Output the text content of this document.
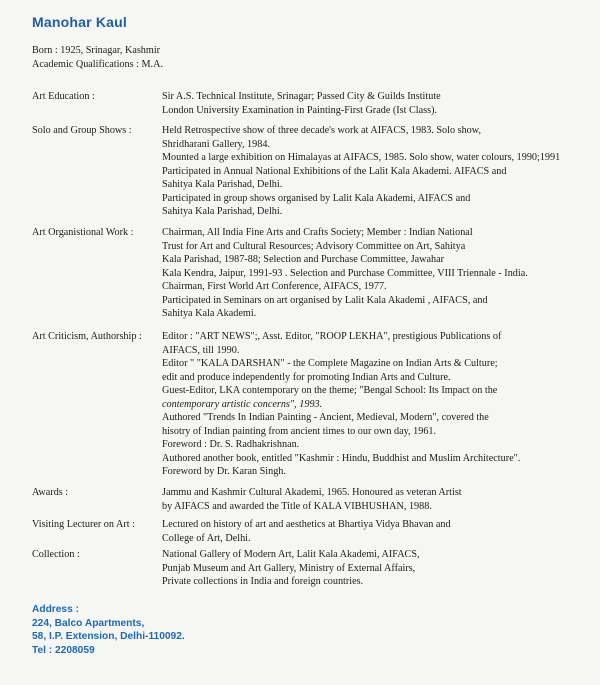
Manohar Kaul
Born : 1925, Srinagar, Kashmir
Academic Qualifications : M.A.
Art Education :	Sir A.S. Technical Institute, Srinagar; Passed City & Guilds Institute
London University Examination in Painting-First Grade (Ist Class).
Solo and Group Shows :	Held Retrospective show of three decade's work at AIFACS, 1983. Solo show,
Shridharani Gallery, 1984.
Mounted a large exhibition on Himalayas at AIFACS, 1985. Solo show, water colours, 1990;1991
Participated in Annual National Exhibitions of the Lalit Kala Akademi. AIFACS and
Sahitya Kala Parishad, Delhi.
Participated in group shows organised by Lalit Kala Akademi, AIFACS and
Sahitya Kala Parishad, Delhi.
Art Organistional Work :	Chairman, All India Fine Arts and Crafts Society; Member : Indian National
Trust for Art and Cultural Resources; Advisory Committee on Art, Sahitya
Kala Parishad, 1987-88; Selection and Purchase Committee, Jawahar
Kala Kendra, Jaipur, 1991-93 . Selection and Purchase Committee, VIII Triennale - India.
Chairman, First World Art Conference, AIFACS, 1977.
Participated in Seminars on art organised by Lalit Kala Akademi , AIFACS, and
Sahitya Kala Akademi.
Art Criticism, Authorship : Editor : "ART NEWS";, Asst. Editor, "ROOP LEKHA", prestigious Publications of
AIFACS, till 1990.
Editor " "KALA DARSHAN" - the Complete Magazine on Indian Arts & Culture;
edit and produce independently for promoting Indian Arts and Culture.
Guest-Editor, LKA contemporary on the theme; "Bengal School: Its Impact on the
contemporary artistic concerns", 1993.
Authored "Trends In Indian Painting - Ancient, Medieval, Modern", covered the
hisotry of Indian painting from ancient times to our own day, 1961.
Foreword : Dr. S. Radhakrishnan.
Authored another book, entitled "Kashmir : Hindu, Buddhist and Muslim Architecture".
Foreword by Dr. Karan Singh.
Awards :	Jammu and Kashmir Cultural Akademi, 1965. Honoured as veteran Artist
by AIFACS and awarded the Title of KALA VIBHUSHAN, 1988.
Visiting Lecturer on Art :	Lectured on history of art and aesthetics at Bhartiya Vidya Bhavan and
College of Art, Delhi.
Collection :	National Gallery of Modern Art, Lalit Kala Akademi, AIFACS,
Punjab Museum and Art Gallery, Ministry of External Affairs,
Private collections in India and foreign countries.
Address :
224, Balco Apartments,
58, I.P. Extension, Delhi-110092.
Tel : 2208059
